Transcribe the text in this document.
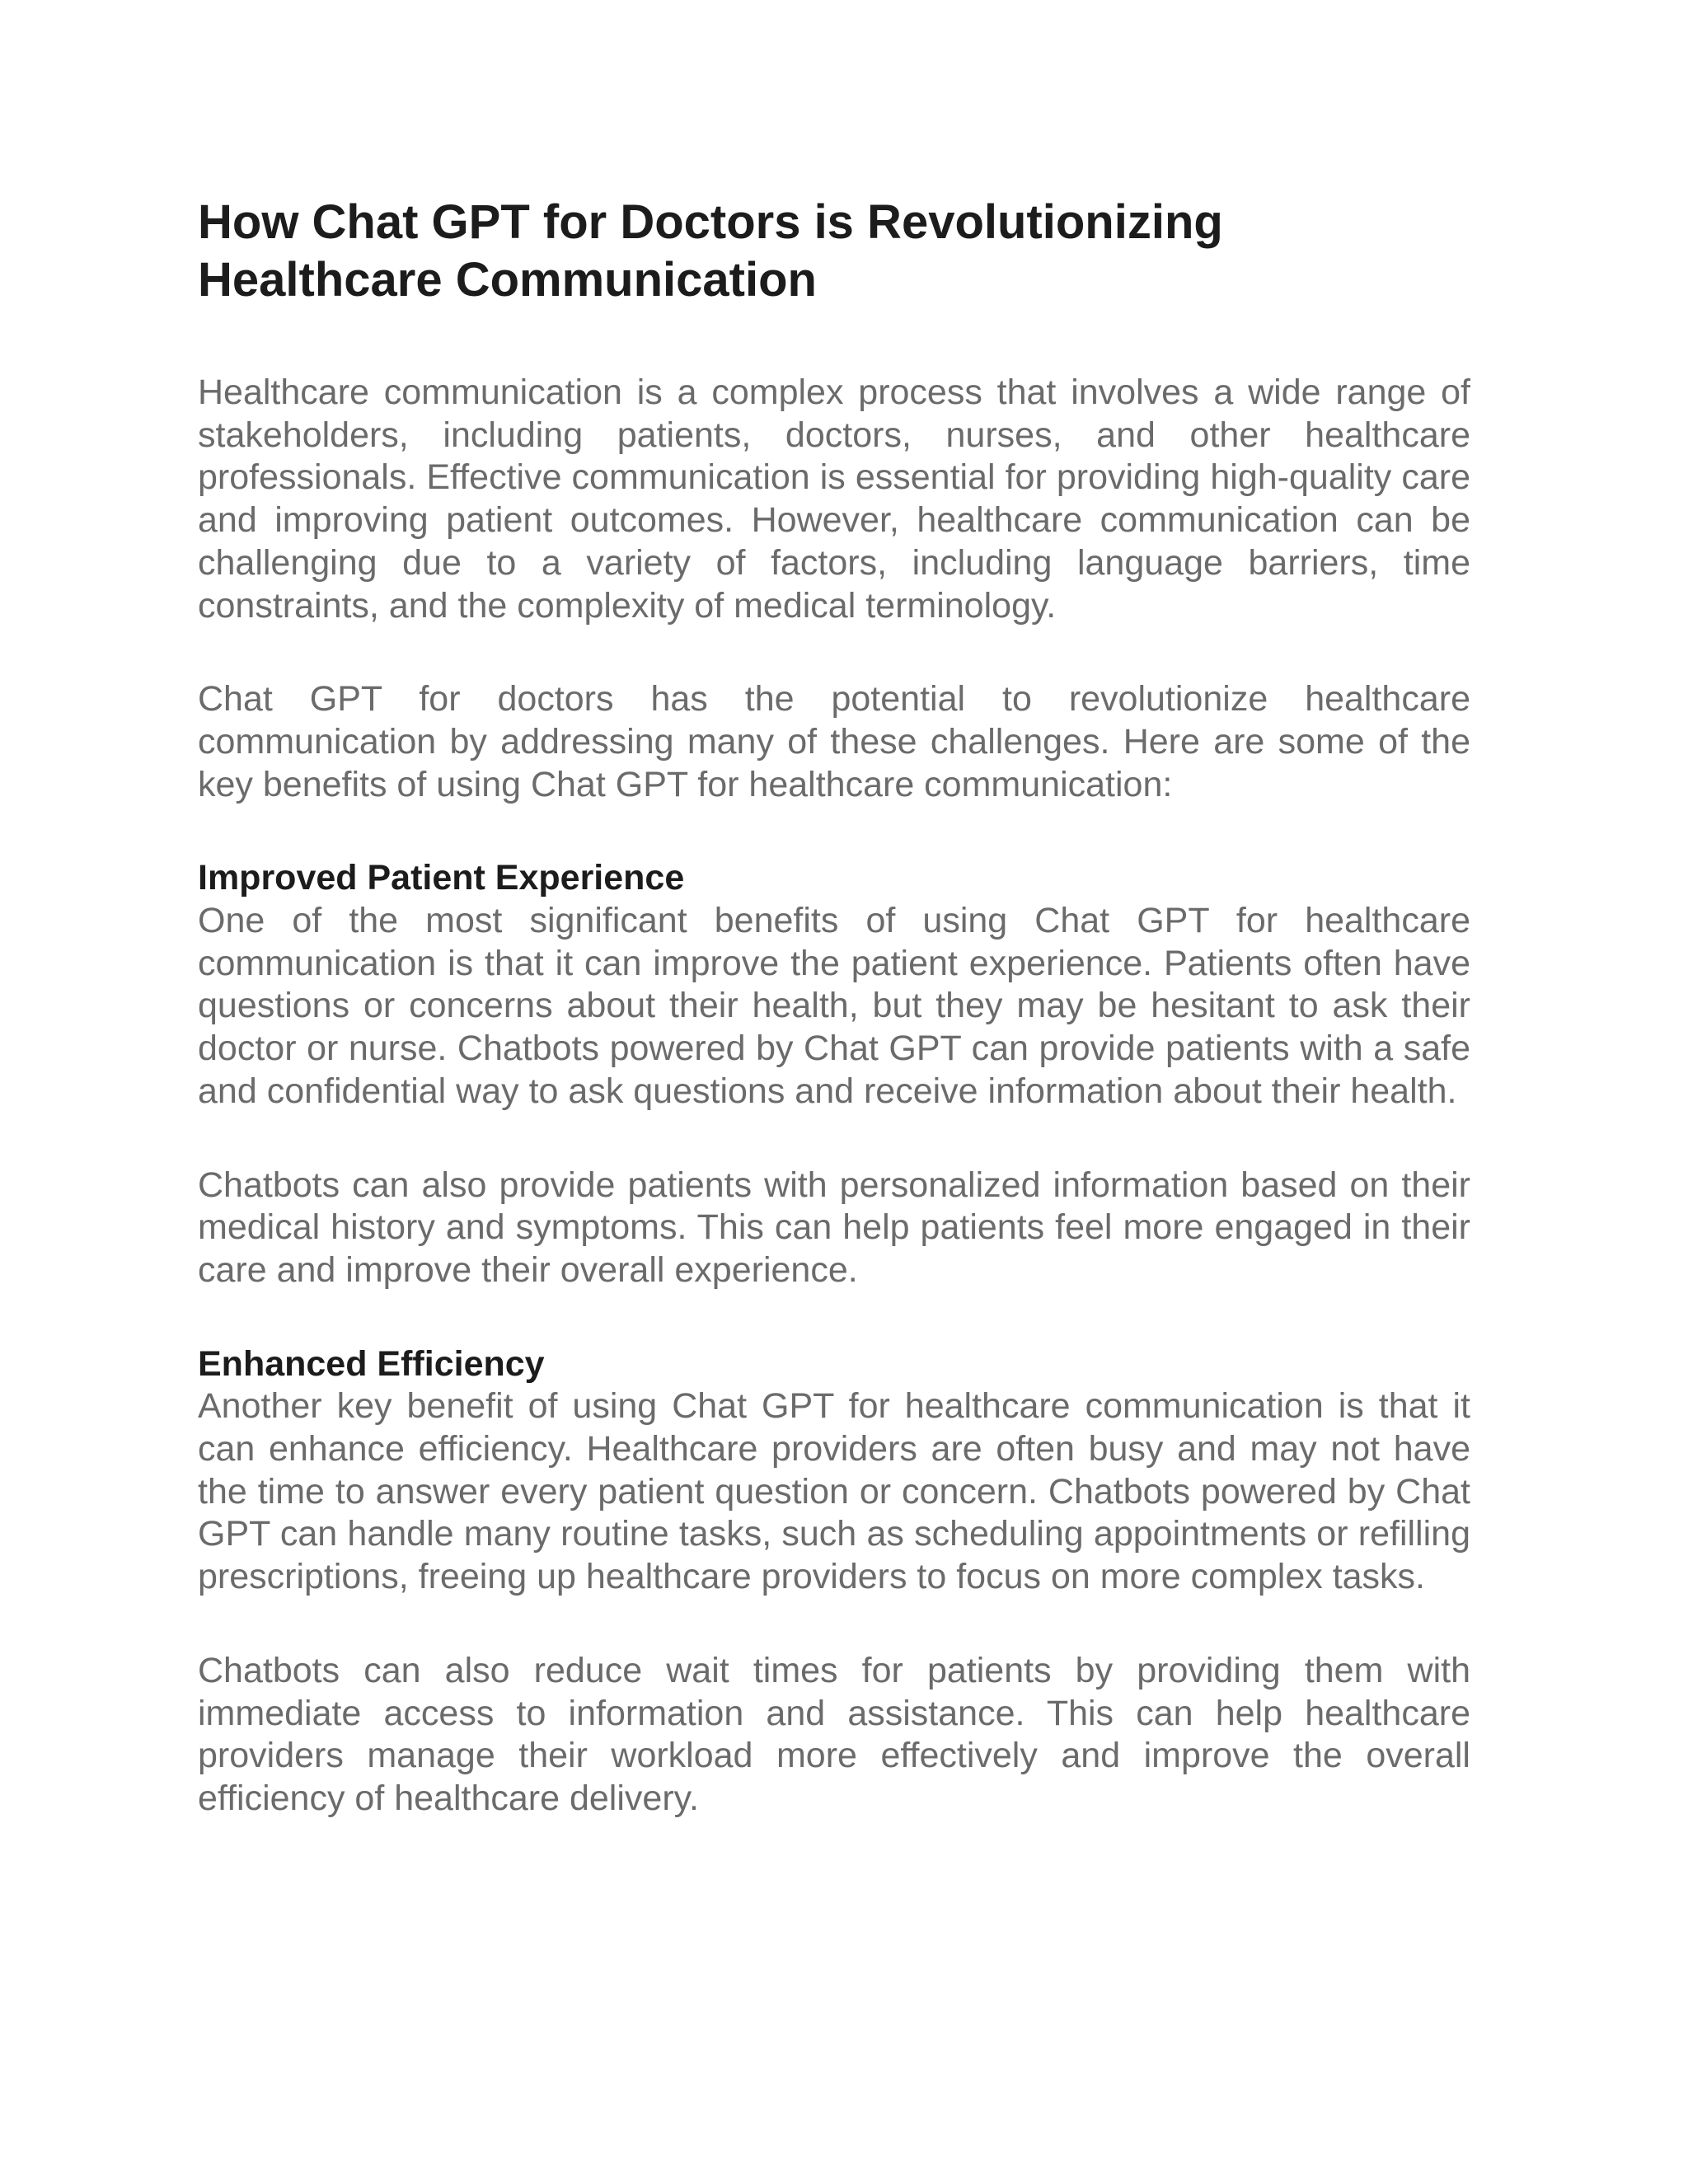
How Chat GPT for Doctors is Revolutionizing Healthcare Communication

Healthcare communication is a complex process that involves a wide range of stakeholders, including patients, doctors, nurses, and other healthcare professionals. Effective communication is essential for providing high-quality care and improving patient outcomes. However, healthcare communication can be challenging due to a variety of factors, including language barriers, time constraints, and the complexity of medical terminology.

Chat GPT for doctors has the potential to revolutionize healthcare communication by addressing many of these challenges. Here are some of the key benefits of using Chat GPT for healthcare communication:

Improved Patient Experience

One of the most significant benefits of using Chat GPT for healthcare communication is that it can improve the patient experience. Patients often have questions or concerns about their health, but they may be hesitant to ask their doctor or nurse. Chatbots powered by Chat GPT can provide patients with a safe and confidential way to ask questions and receive information about their health.

Chatbots can also provide patients with personalized information based on their medical history and symptoms. This can help patients feel more engaged in their care and improve their overall experience.

Enhanced Efficiency

Another key benefit of using Chat GPT for healthcare communication is that it can enhance efficiency. Healthcare providers are often busy and may not have the time to answer every patient question or concern. Chatbots powered by Chat GPT can handle many routine tasks, such as scheduling appointments or refilling prescriptions, freeing up healthcare providers to focus on more complex tasks.

Chatbots can also reduce wait times for patients by providing them with immediate access to information and assistance. This can help healthcare providers manage their workload more effectively and improve the overall efficiency of healthcare delivery.
